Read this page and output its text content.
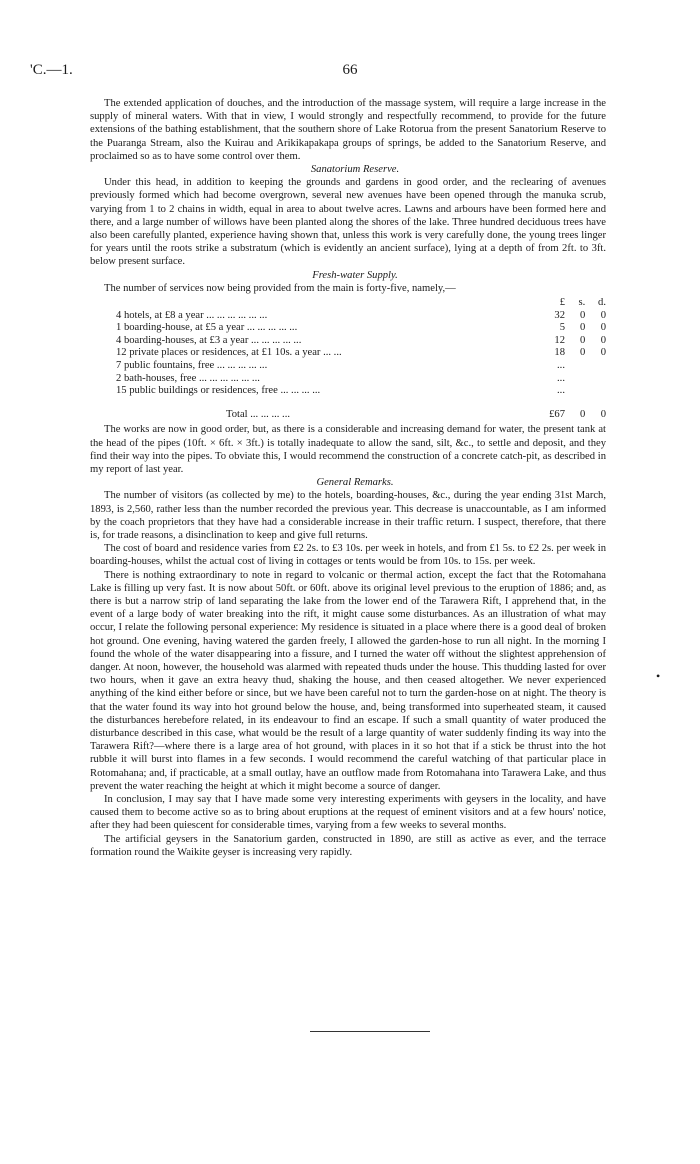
'C.—1.	66

The extended application of douches, and the introduction of the massage system, will require a large increase in the supply of mineral waters. With that in view, I would strongly and respectfully recommend, to provide for the future extensions of the bathing establishment, that the southern shore of Lake Rotorua from the present Sanatorium Reserve to the Puaranga Stream, also the Kuirau and Arikikapakapa groups of springs, be added to the Sanatorium Reserve, and proclaimed so as to have some control over them.

Sanatorium Reserve.

Under this head, in addition to keeping the grounds and gardens in good order, and the reclearing of avenues previously formed which had become overgrown, several new avenues have been opened through the manuka scrub, varying from 1 to 2 chains in width, equal in area to about twelve acres. Lawns and arbours have been formed here and there, and a large number of willows have been planted along the shores of the lake. Three hundred deciduous trees have also been carefully planted, experience having shown that, unless this work is very carefully done, the young trees linger for years until the roots strike a substratum (which is evidently an ancient surface), lying at a depth of from 2ft. to 3ft. below present surface.

Fresh-water Supply.

The number of services now being provided from the main is forty-five, namely,—

	£	s.	d.
4 hotels, at £8 a year ... ... ... ... ... ...	32	0	0
1 boarding-house, at £5 a year ... ... ... ... ...	5	0	0
4 boarding-houses, at £3 a year ... ... ... ... ...	12	0	0
12 private places or residences, at £1 10s. a year ... ...	18	0	0
7 public fountains, free ... ... ... ... ...	...		
2 bath-houses, free ... ... ... ... ... ...	...		
15 public buildings or residences, free ... ... ... ...	...		
Total ... ... ... ...	£67	0	0

The works are now in good order, but, as there is a considerable and increasing demand for water, the present tank at the head of the pipes (10ft. × 6ft. × 3ft.) is totally inadequate to allow the sand, silt, &c., to settle and deposit, and they find their way into the pipes. To obviate this, I would recommend the construction of a concrete catch-pit, as described in my report of last year.

General Remarks.

The number of visitors (as collected by me) to the hotels, boarding-houses, &c., during the year ending 31st March, 1893, is 2,560, rather less than the number recorded the previous year. This decrease is unaccountable, as I am informed by the coach proprietors that they have had a considerable increase in their traffic return. I suspect, therefore, that there is, for trade reasons, a disinclination to keep and give full returns.

The cost of board and residence varies from £2 2s. to £3 10s. per week in hotels, and from £1 5s. to £2 2s. per week in boarding-houses, whilst the actual cost of living in cottages or tents would be from 10s. to 15s. per week.

There is nothing extraordinary to note in regard to volcanic or thermal action, except the fact that the Rotomahana Lake is filling up very fast. It is now about 50ft. or 60ft. above its original level previous to the eruption of 1886; and, as there is but a narrow strip of land separating the lake from the lower end of the Tarawera Rift, I apprehend that, in the event of a large body of water breaking into the rift, it might cause some disturbances. As an illustration of what may occur, I relate the following personal experience: My residence is situated in a place where there is a good deal of broken hot ground. One evening, having watered the garden freely, I allowed the garden-hose to run all night. In the morning I found the whole of the water disappearing into a fissure, and I turned the water off without the slightest apprehension of danger. At noon, however, the household was alarmed with repeated thuds under the house. This thudding lasted for over two hours, when it gave an extra heavy thud, shaking the house, and then ceased altogether. We never experienced anything of the kind either before or since, but we have been careful not to turn the garden-hose on at night. The theory is that the water found its way into hot ground below the house, and, being transformed into superheated steam, it caused the disturbances herebefore related, in its endeavour to find an escape. If such a small quantity of water produced the disturbance described in this case, what would be the result of a large quantity of water suddenly finding its way into the Tarawera Rift?—where there is a large area of hot ground, with places in it so hot that if a stick be thrust into the hot rubble it will burst into flames in a few seconds. I would recommend the careful watching of that particular place in Rotomahana; and, if practicable, at a small outlay, have an outflow made from Rotomahana into Tarawera Lake, and thus prevent the water reaching the height at which it might become a source of danger.

In conclusion, I may say that I have made some very interesting experiments with geysers in the locality, and have caused them to become active so as to bring about eruptions at the request of eminent visitors and at a few hours' notice, after they had been quiescent for considerable times, varying from a few weeks to several months.

The artificial geysers in the Sanatorium garden, constructed in 1890, are still as active as ever, and the terrace formation round the Waikite geyser is increasing very rapidly.

•
